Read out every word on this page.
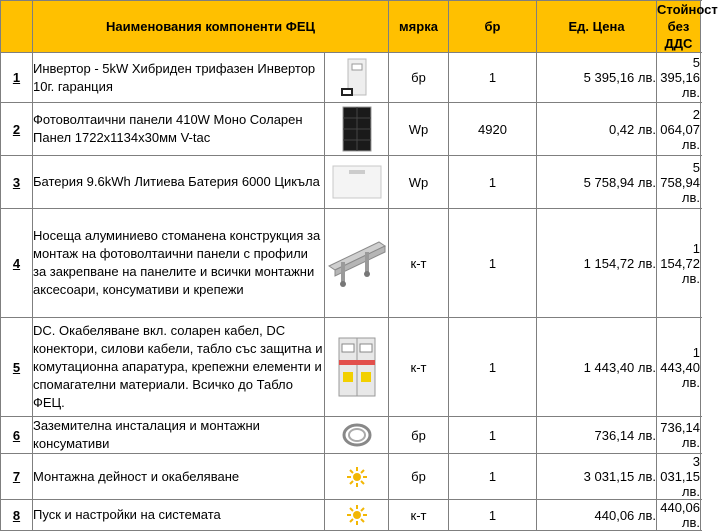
	Наименования компоненти ФЕЦ		мярка	бр	Ед. Цена	Стойност без ДДС
1	Инвертор - 5kW Хибриден трифазен Инвертор 10г. гаранция		бр	1	5 395,16 лв.	5 395,16 лв.
2	Фотоволтаични панели 410W Моно Соларен Панел 1722x1134x30мм V-tac		Wp	4920	0,42 лв.	2 064,07 лв.
3	Батерия 9.6kWh Литиева Батерия 6000 Цикъла		Wp	1	5 758,94 лв.	5 758,94 лв.
4	Носеща алуминиево стоманена конструкция за монтаж на фотоволтаични панели с профили за закрепване на панелите и всички монтажни аксесоари, консумативи и крепежи		к-т	1	1 154,72 лв.	1 154,72 лв.
5	DC. Окабеляване вкл. соларен кабел, DC конектори, силови кабели, табло със защитна и комутационна апаратура, крепежни елементи и спомагателни материали. Всичко до Табло ФЕЦ.		к-т	1	1 443,40 лв.	1 443,40 лв.
6	Заземителна инсталация и монтажни консумативи		бр	1	736,14 лв.	736,14 лв.
7	Монтажна дейност и окабеляване		бр	1	3 031,15 лв.	3 031,15 лв.
8	Пуск и настройки на системата		к-т	1	440,06 лв.	440,06 лв.
